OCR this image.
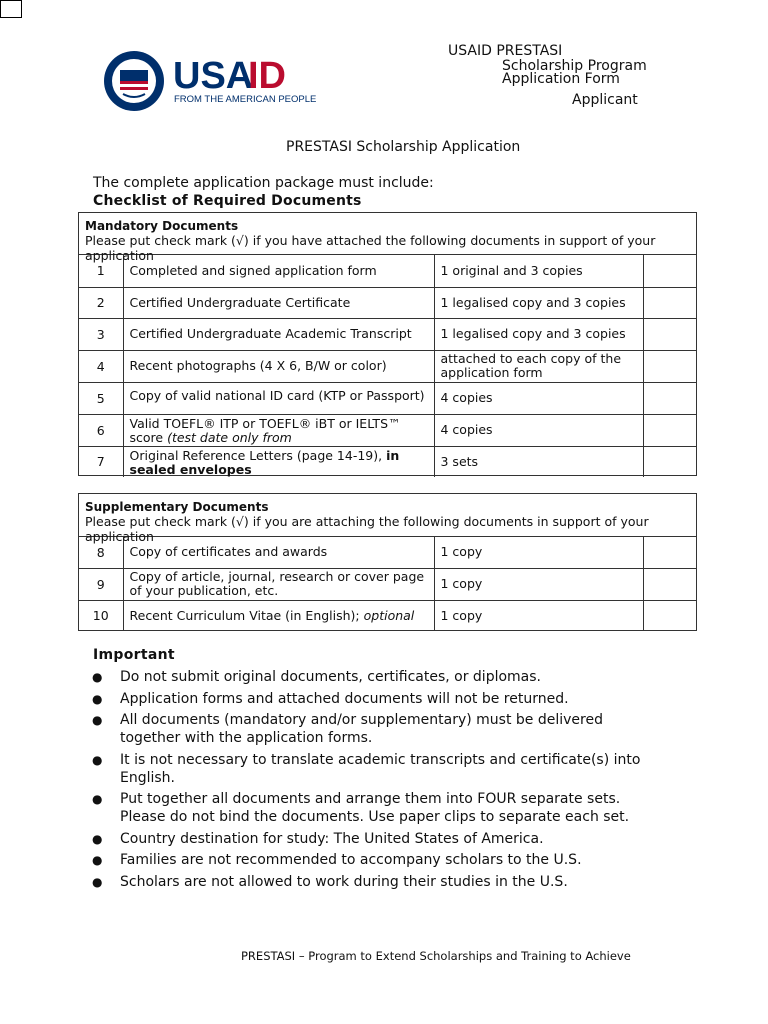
USA
ID
FROM THE AMERICAN PEOPLE
USAID PRESTASI
Scholarship Program
Application Form
Applicant
PRESTASI Scholarship Application
The complete application package must include:
Checklist of Required Documents
Mandatory Documents
Please put check mark (√) if you have attached the following documents in support of your
application
1	Completed and signed application form	1 original and 3 copies	

2	Certified Undergraduate Certificate	1 legalised copy and 3 copies	

3	Certified Undergraduate Academic Transcript	1 legalised copy and 3 copies	

4	Recent photographs (4 X 6, B/W or color)	attached to each copy of the application form	

5	Copy of valid national ID card (KTP or Passport)	4 copies	

6	Valid TOEFL® ITP or TOEFL® iBT or IELTS™ score (test date only from	4 copies	

7	Original Reference Letters (page 14-19), in sealed envelopes	3 sets	

Supplementary Documents
Please put check mark (√) if you are attaching the following documents in support of your
application
8	Copy of certificates and awards	1 copy	

9	Copy of article, journal, research or cover page of your publication, etc.	1 copy	

10	Recent Curriculum Vitae (in English); optional	1 copy	

Important
● Do not submit original documents, certificates, or diplomas.
● Application forms and attached documents will not be returned.
● All documents (mandatory and/or supplementary) must be delivered together with the application forms.
● It is not necessary to translate academic transcripts and certificate(s) into English.
● Put together all documents and arrange them into FOUR separate sets. Please do not bind the documents. Use paper clips to separate each set.
● Country destination for study: The United States of America.
● Families are not recommended to accompany scholars to the U.S.
● Scholars are not allowed to work during their studies in the U.S.
PRESTASI – Program to Extend Scholarships and Training to Achieve
